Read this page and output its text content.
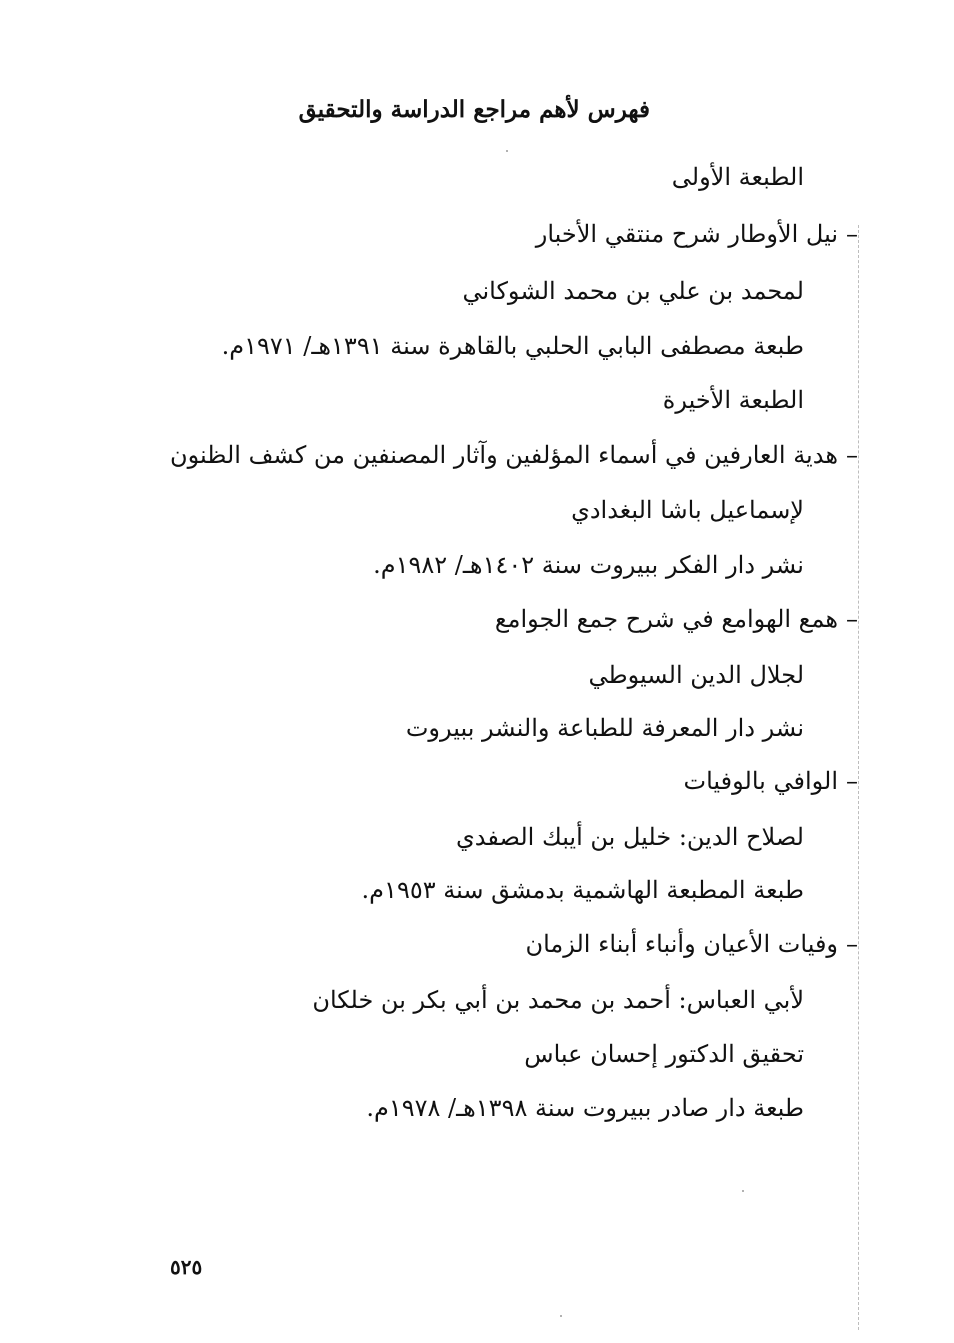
فهرس لأهم مراجع الدراسة والتحقيق
الطبعة الأولى
–نيل الأوطار شرح منتقي الأخبار
لمحمد بن علي بن محمد الشوكاني
طبعة مصطفى البابي الحلبي بالقاهرة سنة ١٣٩١هـ/ ١٩٧١م.
الطبعة الأخيرة
–هدية العارفين في أسماء المؤلفين وآثار المصنفين من كشف الظنون
لإسماعيل باشا البغدادي
نشر دار الفكر ببيروت سنة ١٤٠٢هـ/ ١٩٨٢م.
–همع الهوامع في شرح جمع الجوامع
لجلال الدين السيوطي
نشر دار المعرفة للطباعة والنشر ببيروت
–الوافي بالوفيات
لصلاح الدين: خليل بن أيبك الصفدي
طبعة المطبعة الهاشمية بدمشق سنة ١٩٥٣م.
–وفيات الأعيان وأنباء أبناء الزمان
لأبي العباس: أحمد بن محمد بن أبي بكر بن خلكان
تحقيق الدكتور إحسان عباس
طبعة دار صادر ببيروت سنة ١٣٩٨هـ/ ١٩٧٨م.
٥٢٥
